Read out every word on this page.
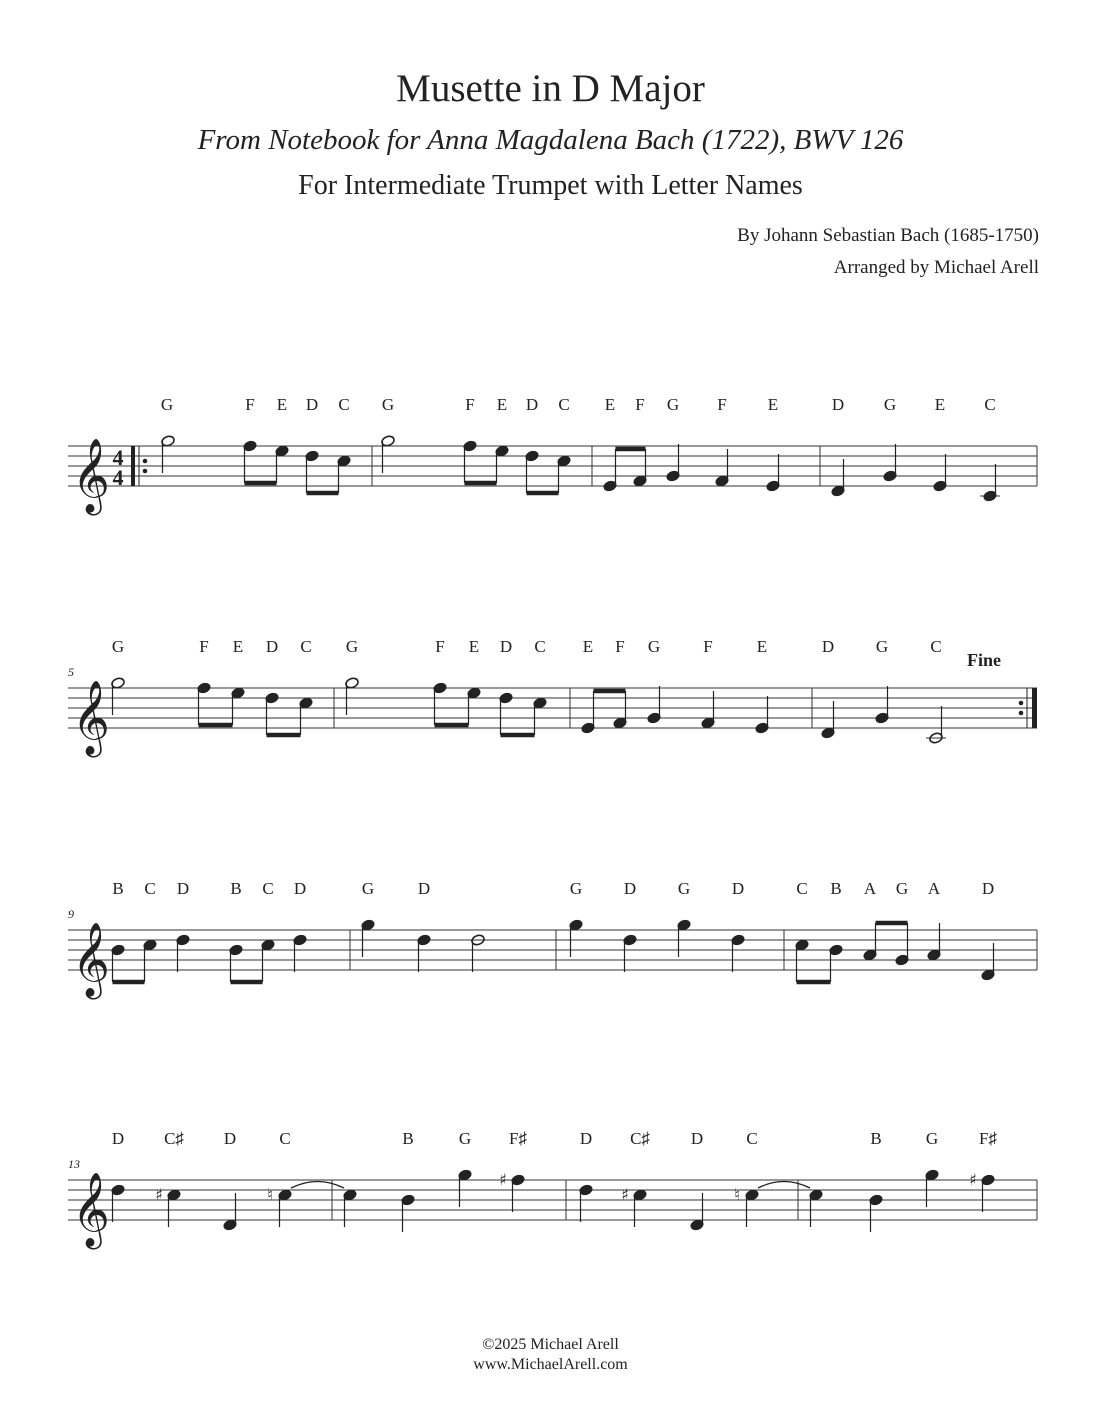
Musette in D Major
From Notebook for Anna Magdalena Bach (1722), BWV 126
For Intermediate Trumpet with Letter Names
By Johann Sebastian Bach (1685-1750)
Arranged by Michael Arell
𝄞 4
4
G	F E D C G	F E D C E F G F E	D G E C
𝄞
5
Fine
G	F E D C G	F E D C E F G	F	E	D G C
𝄞
9
B C D B C D	G	D	G D G D	C B A G A D
𝄞
13
♯	♮
♯
♯	♮
♯
D C♯ D	C	B	G F♯	D C♯ D	C	B	G F♯
©2025 Michael Arell
www.MichaelArell.com
